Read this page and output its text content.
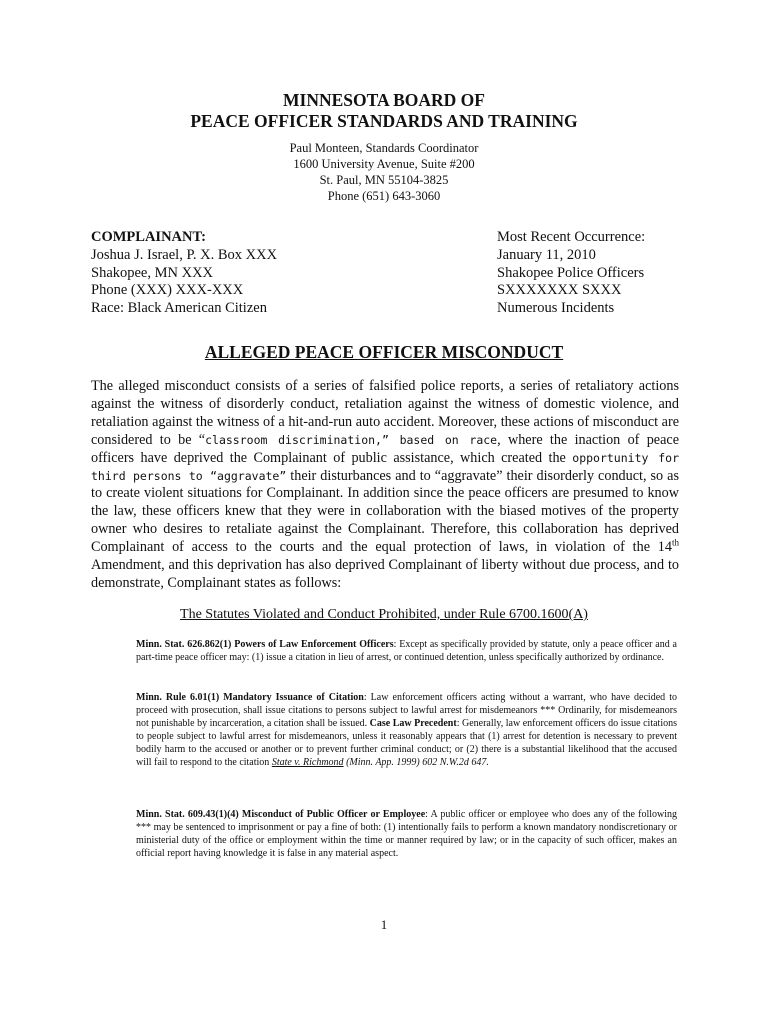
MINNESOTA BOARD OF
PEACE OFFICER STANDARDS AND TRAINING
Paul Monteen, Standards Coordinator
1600 University Avenue, Suite #200
St. Paul, MN 55104-3825
Phone (651) 643-3060
COMPLAINANT:
Joshua J. Israel, P. X. Box XXX
Shakopee, MN XXX
Phone (XXX) XXX-XXX
Race: Black American Citizen
Most Recent Occurrence:
January 11, 2010
Shakopee Police Officers
SXXXXXXX SXXX
Numerous Incidents
ALLEGED PEACE OFFICER MISCONDUCT
The alleged misconduct consists of a series of falsified police reports, a series of retaliatory actions against the witness of disorderly conduct, retaliation against the witness of domestic violence, and retaliation against the witness of a hit-and-run auto accident. Moreover, these actions of misconduct are considered to be “classroom discrimination,” based on race, where the inaction of peace officers have deprived the Complainant of public assistance, which created the opportunity for third persons to “aggravate” their disturbances and to “aggravate” their disorderly conduct, so as to create violent situations for Complainant. In addition since the peace officers are presumed to know the law, these officers knew that they were in collaboration with the biased motives of the property owner who desires to retaliate against the Complainant. Therefore, this collaboration has deprived Complainant of access to the courts and the equal protection of laws, in violation of the 14th Amendment, and this deprivation has also deprived Complainant of liberty without due process, and to demonstrate, Complainant states as follows:
The Statutes Violated and Conduct Prohibited, under Rule 6700.1600(A)
Minn. Stat. 626.862(1) Powers of Law Enforcement Officers: Except as specifically provided by statute, only a peace officer and a part-time peace officer may: (1) issue a citation in lieu of arrest, or continued detention, unless specifically authorized by ordinance.
Minn. Rule 6.01(1) Mandatory Issuance of Citation: Law enforcement officers acting without a warrant, who have decided to proceed with prosecution, shall issue citations to persons subject to lawful arrest for misdemeanors *** Ordinarily, for misdemeanors not punishable by incarceration, a citation shall be issued. Case Law Precedent: Generally, law enforcement officers do issue citations to people subject to lawful arrest for misdemeanors, unless it reasonably appears that (1) arrest for detention is necessary to prevent bodily harm to the accused or another or to prevent further criminal conduct; or (2) there is a substantial likelihood that the accused will fail to respond to the citation State v. Richmond (Minn. App. 1999) 602 N.W.2d 647.
Minn. Stat. 609.43(1)(4) Misconduct of Public Officer or Employee: A public officer or employee who does any of the following *** may be sentenced to imprisonment or pay a fine of both: (1) intentionally fails to perform a known mandatory nondiscretionary or ministerial duty of the office or employment within the time or manner required by law; or in the capacity of such officer, makes an official report having knowledge it is false in any material aspect.
1
